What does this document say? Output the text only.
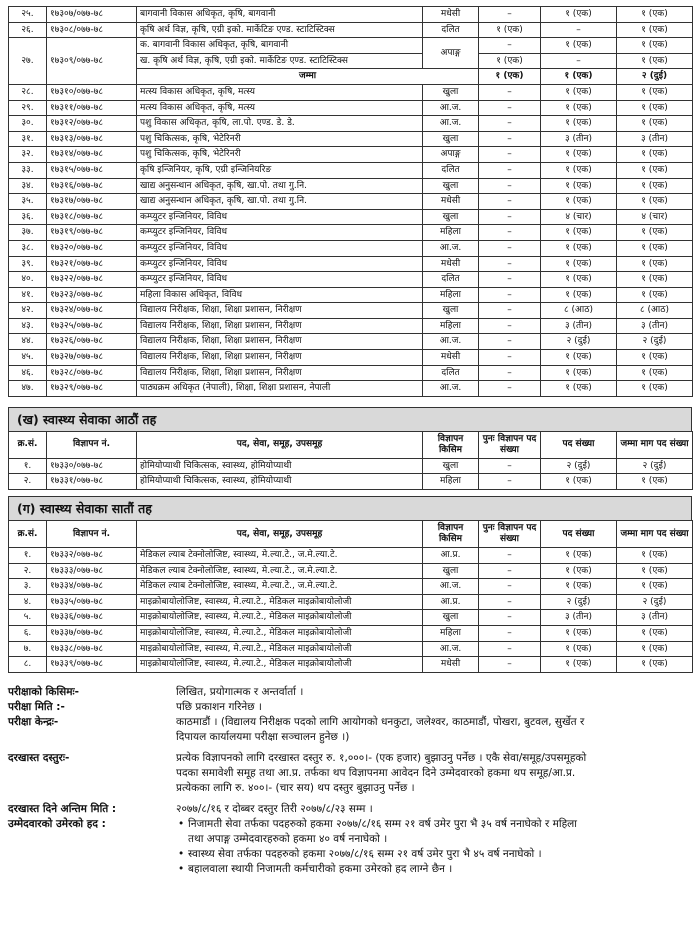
२५.	१७३०७/०७७-७८	बागवानी विकास अधिकृत, कृषि, बागवानी	मधेसी	–	१ (एक)	१ (एक)
२६.	१७३०८/०७७-७८	कृषि अर्थ विज्ञ, कृषि, एग्री इको. मार्केटिङ एण्ड. स्टाटिस्टिक्स	दलित	१ (एक)	–	१ (एक)
२७.	१७३०९/०७७-७८	क. बागवानी विकास अधिकृत, कृषि, बागवानी	अपाङ्ग	–	१ (एक)	१ (एक)
		ख. कृषि अर्थ विज्ञ, कृषि, एग्री इको. मार्केटिङ एण्ड. स्टाटिस्टिक्स		१ (एक)	–	१ (एक)
		जम्मा		१ (एक)	१ (एक)	२ (दुई)
२८.	१७३१०/०७७-७८	मत्स्य विकास अधिकृत, कृषि, मत्स्य	खुला	–	१ (एक)	१ (एक)
२९.	१७३११/०७७-७८	मत्स्य विकास अधिकृत, कृषि, मत्स्य	आ.ज.	–	१ (एक)	१ (एक)
३०.	१७३१२/०७७-७८	पशु विकास अधिकृत, कृषि, ला.पो. एण्ड. डे. डे.	आ.ज.	–	१ (एक)	१ (एक)
३१.	१७३१३/०७७-७८	पशु चिकित्सक, कृषि, भेटेरिनरी	खुला	–	३ (तीन)	३ (तीन)
३२.	१७३१४/०७७-७८	पशु चिकित्सक, कृषि, भेटेरिनरी	अपाङ्ग	–	१ (एक)	१ (एक)
३३.	१७३१५/०७७-७८	कृषि इन्जिनियर, कृषि, एग्री इन्जिनियरिङ	दलित	–	१ (एक)	१ (एक)
३४.	१७३१६/०७७-७८	खाद्य अनुसन्धान अधिकृत, कृषि, खा.पो. तथा गु.नि.	खुला	–	१ (एक)	१ (एक)
३५.	१७३१७/०७७-७८	खाद्य अनुसन्धान अधिकृत, कृषि, खा.पो. तथा गु.नि.	मधेसी	–	१ (एक)	१ (एक)
३६.	१७३१८/०७७-७८	कम्प्युटर इन्जिनियर, विविध	खुला	–	४ (चार)	४ (चार)
३७.	१७३१९/०७७-७८	कम्प्युटर इन्जिनियर, विविध	महिला	–	१ (एक)	१ (एक)
३८.	१७३२०/०७७-७८	कम्प्युटर इन्जिनियर, विविध	आ.ज.	–	१ (एक)	१ (एक)
३९.	१७३२१/०७७-७८	कम्प्युटर इन्जिनियर, विविध	मधेसी	–	१ (एक)	१ (एक)
४०.	१७३२२/०७७-७८	कम्प्युटर इन्जिनियर, विविध	दलित	–	१ (एक)	१ (एक)
४१.	१७३२३/०७७-७८	महिला विकास अधिकृत, विविध	महिला	–	१ (एक)	१ (एक)
४२.	१७३२४/०७७-७८	विद्यालय निरीक्षक, शिक्षा, शिक्षा प्रशासन, निरीक्षण	खुला	–	८ (आठ)	८ (आठ)
४३.	१७३२५/०७७-७८	विद्यालय निरीक्षक, शिक्षा, शिक्षा प्रशासन, निरीक्षण	महिला	–	३ (तीन)	३ (तीन)
४४.	१७३२६/०७७-७८	विद्यालय निरीक्षक, शिक्षा, शिक्षा प्रशासन, निरीक्षण	आ.ज.	–	२ (दुई)	२ (दुई)
४५.	१७३२७/०७७-७८	विद्यालय निरीक्षक, शिक्षा, शिक्षा प्रशासन, निरीक्षण	मधेसी	–	१ (एक)	१ (एक)
४६.	१७३२८/०७७-७८	विद्यालय निरीक्षक, शिक्षा, शिक्षा प्रशासन, निरीक्षण	दलित	–	१ (एक)	१ (एक)
४७.	१७३२९/०७७-७८	पाठ्यक्रम अधिकृत (नेपाली), शिक्षा, शिक्षा प्रशासन, नेपाली	आ.ज.	–	१ (एक)	१ (एक)
(ख) स्वास्थ्य सेवाका आठौं तह
क्र.सं.	विज्ञापन नं.	पद, सेवा, समूह, उपसमूह	विज्ञापन किसिम	पुनः विज्ञापन पद संख्या	पद संख्या	जम्मा माग पद संख्या
१.	१७३३०/०७७-७८	होमियोप्याथी चिकित्सक, स्वास्थ्य, होमियोप्याथी	खुला	–	२ (दुई)	२ (दुई)
२.	१७३३१/०७७-७८	होमियोप्याथी चिकित्सक, स्वास्थ्य, होमियोप्याथी	महिला	–	१ (एक)	१ (एक)
(ग) स्वास्थ्य सेवाका सातौं तह
क्र.सं.	विज्ञापन नं.	पद, सेवा, समूह, उपसमूह	विज्ञापन किसिम	पुनः विज्ञापन पद संख्या	पद संख्या	जम्मा माग पद संख्या
१.	१७३३२/०७७-७८	मेडिकल ल्याब टेक्नोलोजिष्ट, स्वास्थ्य, मे.ल्या.टे., ज.मे.ल्या.टे.	आ.प्र.	–	१ (एक)	१ (एक)
२.	१७३३३/०७७-७८	मेडिकल ल्याब टेक्नोलोजिष्ट, स्वास्थ्य, मे.ल्या.टे., ज.मे.ल्या.टे.	खुला	–	१ (एक)	१ (एक)
३.	१७३३४/०७७-७८	मेडिकल ल्याब टेक्नोलोजिष्ट, स्वास्थ्य, मे.ल्या.टे., ज.मे.ल्या.टे.	आ.ज.	–	१ (एक)	१ (एक)
४.	१७३३५/०७७-७८	माइक्रोबायोलोजिष्ट, स्वास्थ्य, मे.ल्या.टे., मेडिकल माइक्रोबायोलोजी	आ.प्र.	–	२ (दुई)	२ (दुई)
५.	१७३३६/०७७-७८	माइक्रोबायोलोजिष्ट, स्वास्थ्य, मे.ल्या.टे., मेडिकल माइक्रोबायोलोजी	खुला	–	३ (तीन)	३ (तीन)
६.	१७३३७/०७७-७८	माइक्रोबायोलोजिष्ट, स्वास्थ्य, मे.ल्या.टे., मेडिकल माइक्रोबायोलोजी	महिला	–	१ (एक)	१ (एक)
७.	१७३३८/०७७-७८	माइक्रोबायोलोजिष्ट, स्वास्थ्य, मे.ल्या.टे., मेडिकल माइक्रोबायोलोजी	आ.ज.	–	१ (एक)	१ (एक)
८.	१७३३९/०७७-७८	माइक्रोबायोलोजिष्ट, स्वास्थ्य, मे.ल्या.टे., मेडिकल माइक्रोबायोलोजी	मधेसी	–	१ (एक)	१ (एक)
परीक्षाको किसिमः-	लिखित, प्रयोगात्मक र अन्तर्वार्ता ।
परीक्षा मिति :-	पछि प्रकाशन गरिनेछ ।
परीक्षा केन्द्रः-	काठमाडौं । (विद्यालय निरीक्षक पदको लागि आयोगको धनकुटा, जलेश्वर, काठमाडौं, पोखरा, बुटवल, सुर्खेत र

दिपायल कार्यालयमा परीक्षा सञ्चालन हुनेछ ।)

दरखास्त दस्तुरः-	प्रत्येक विज्ञापनको लागि दरखास्त दस्तुर रु. १,०००।- (एक हजार) बुझाउनु पर्नेछ । एकै सेवा/समूह/उपसमूहको

पदका समावेशी समूह तथा आ.प्र. तर्फका थप विज्ञापनमा आवेदन दिने उम्मेदवारको हकमा थप समूह/आ.प्र.

प्रत्येकका लागि रु. ४००।- (चार सय) थप दस्तुर बुझाउनु पर्नेछ ।

दरखास्त दिने अन्तिम मिति :	२०७७/८/१६ र दोब्बर दस्तुर तिरी २०७७/८/२३ सम्म ।
उम्मेदवारको उमेरको हद :	• निजामती सेवा तर्फका पदहरुको हकमा २०७७/८/१६ सम्म २१ वर्ष उमेर पुरा भै ३५ वर्ष ननाघेको र महिला
तथा अपाङ्ग उम्मेदवारहरुको हकमा ४० वर्ष ननाघेको ।

• स्वास्थ्य सेवा तर्फका पदहरुको हकमा २०७७/८/१६ सम्म २१ वर्ष उमेर पुरा भै ४५ वर्ष ननाघेको ।

• बहालवाला स्थायी निजामती कर्मचारीको हकमा उमेरको हद लाग्ने छैन ।
